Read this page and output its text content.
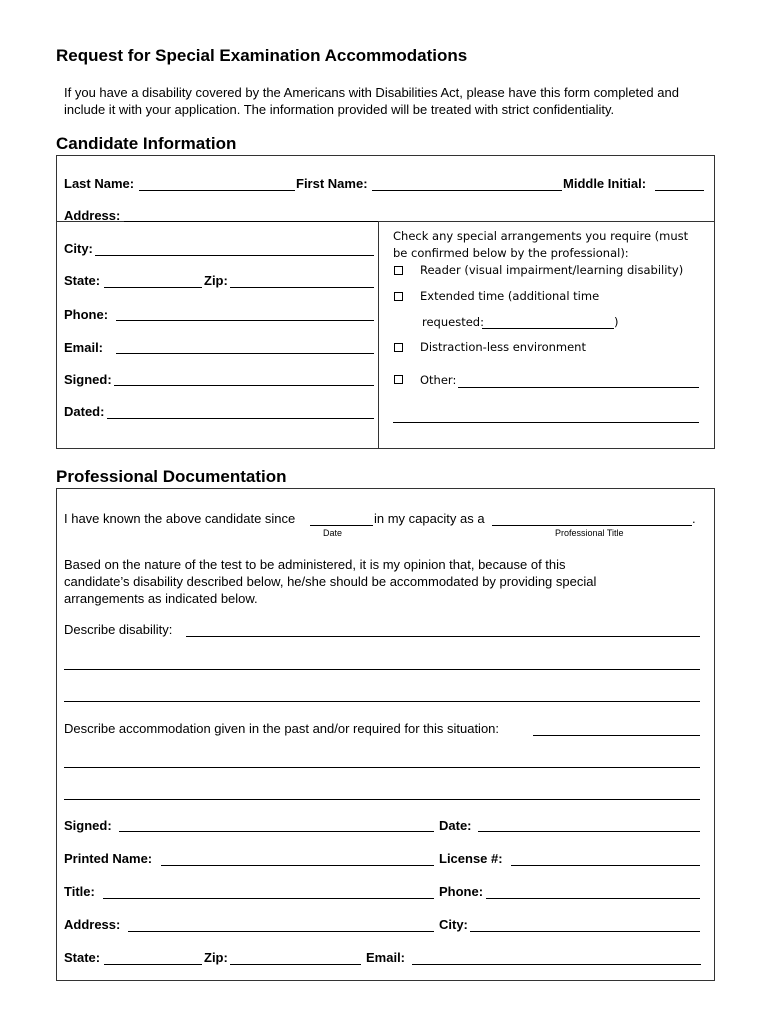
Request for Special Examination Accommodations

If you have a disability covered by the Americans with Disabilities Act, please have this form completed and include it with your application. The information provided will be treated with strict confidentiality.

Candidate Information
Last Name:	First Name:	Middle Initial:
Address:
City:
State:	Zip:
Phone:
Email:
Signed:
Dated:
Check any special arrangements you require (must be confirmed below by the professional):
Reader (visual impairment/learning disability)
Extended time (additional time
requested:	)
Distraction-less environment
Other:
Professional Documentation
I have known the above candidate since
Date
in my capacity as a	.
Professional Title

Based on the nature of the test to be administered, it is my opinion that, because of this candidate’s disability described below, he/she should be accommodated by providing special arrangements as indicated below.

Describe disability:
Describe accommodation given in the past and/or required for this situation:
Signed:	Date:
Printed Name:	License #:
Title:	Phone:
Address:	City:
State:	Zip:	Email:
